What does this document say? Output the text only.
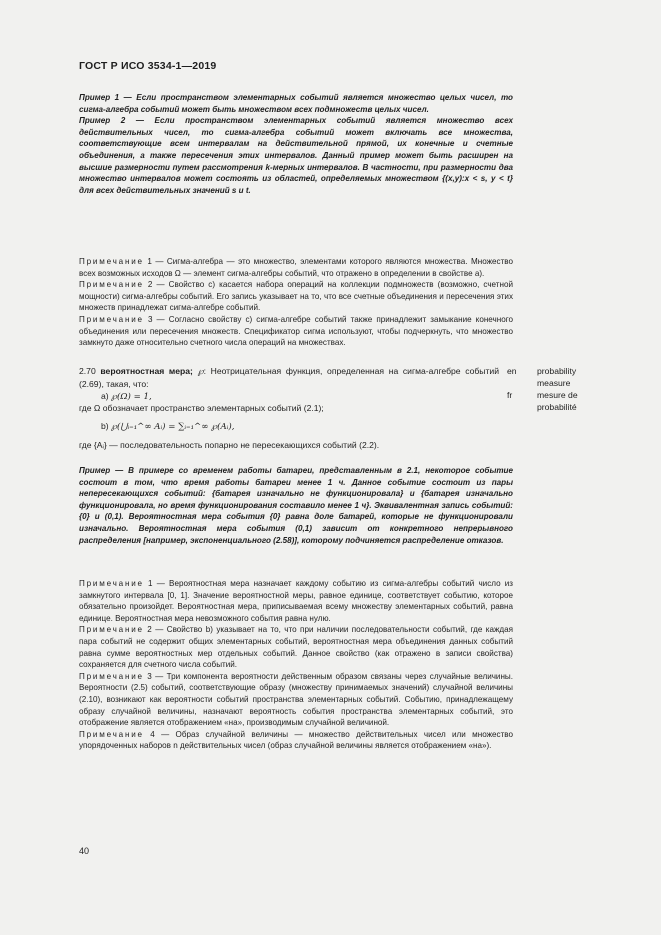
ГОСТ Р ИСО 3534-1—2019

Пример 1 — Если пространством элементарных событий является множество целых чисел, то сигма-алгебра событий может быть множеством всех подмножеств целых чисел.

Пример 2 — Если пространством элементарных событий является множество всех действительных чисел, то сигма-алгебра событий может включать все множества, соответствующие всем интервалам на действительной прямой, их конечные и счетные объединения, а также пересечения этих интервалов. Данный пример может быть расширен на высшие размерности путем рассмотрения k-мерных интервалов. В частности, при размерности два множество интервалов может состоять из областей, определяемых множеством {(x,y):x < s, y < t} для всех действительных значений s и t.

Примечание 1 — Сигма-алгебра — это множество, элементами которого являются множества. Множество всех возможных исходов Ω — элемент сигма-алгебры событий, что отражено в определении в свойстве а).

Примечание 2 — Свойство с) касается набора операций на коллекции подмножеств (возможно, счетной мощности) сигма-алгебры событий. Его запись указывает на то, что все счетные объединения и пересечения этих множеств принадлежат сигма-алгебре событий.

Примечание 3 — Согласно свойству с) сигма-алгебре событий также принадлежит замыкание конечного объединения или пересечения множеств. Спецификатор сигма используют, чтобы подчеркнуть, что множество замкнуто даже относительно счетного числа операций на множествах.

2.70 вероятностная мера; ℘: Неотрицательная функция, определенная на сигма-алгебре событий (2.69), такая, что:

а) ℘(Ω) = 1,

где Ω обозначает пространство элементарных событий (2.1);

b) ℘(⋃ᵢ₌₁^∞ Aᵢ) = ∑ᵢ₌₁^∞ ℘(Aᵢ),

где {Aᵢ} — последовательность попарно не пересекающихся событий (2.2).

en probability
measure
fr	mesure de
probabilité
Пример — В примере со временем работы батареи, представленным в 2.1, некоторое событие состоит в том, что время работы батареи менее 1 ч. Данное событие состоит из пары непересекающихся событий: {батарея изначально не функционировала} и {батарея изначально функционировала, но время функционирования составило менее 1 ч}. Эквивалентная запись событий: {0} и (0,1). Вероятностная мера события {0} равна доле батарей, которые не функционировали изначально. Вероятностная мера события (0,1) зависит от конкретного непрерывного распределения [например, экспоненциального (2.58)], которому подчиняется распределение отказов.

Примечание 1 — Вероятностная мера назначает каждому событию из сигма-алгебры событий число из замкнутого интервала [0, 1]. Значение вероятностной меры, равное единице, соответствует событию, которое обязательно произойдет. Вероятностная мера, приписываемая всему множеству элементарных событий, равна единице. Вероятностная мера невозможного события равна нулю.

Примечание 2 — Свойство b) указывает на то, что при наличии последовательности событий, где каждая пара событий не содержит общих элементарных событий, вероятностная мера объединения данных событий равна сумме вероятностных мер отдельных событий. Данное свойство (как отражено в записи свойства) сохраняется для счетного числа событий.

Примечание 3 — Три компонента вероятности действенным образом связаны через случайные величины. Вероятности (2.5) событий, соответствующие образу (множеству принимаемых значений) случайной величины (2.10), возникают как вероятности событий пространства элементарных событий. Событию, принадлежащему образу случайной величины, назначают вероятность события пространства элементарных событий, это отображение является отображением «на», производимым случайной величиной.

Примечание 4 — Образ случайной величины — множество действительных чисел или множество упорядоченных наборов n действительных чисел (образ случайной величины является отображением «на»).

40
